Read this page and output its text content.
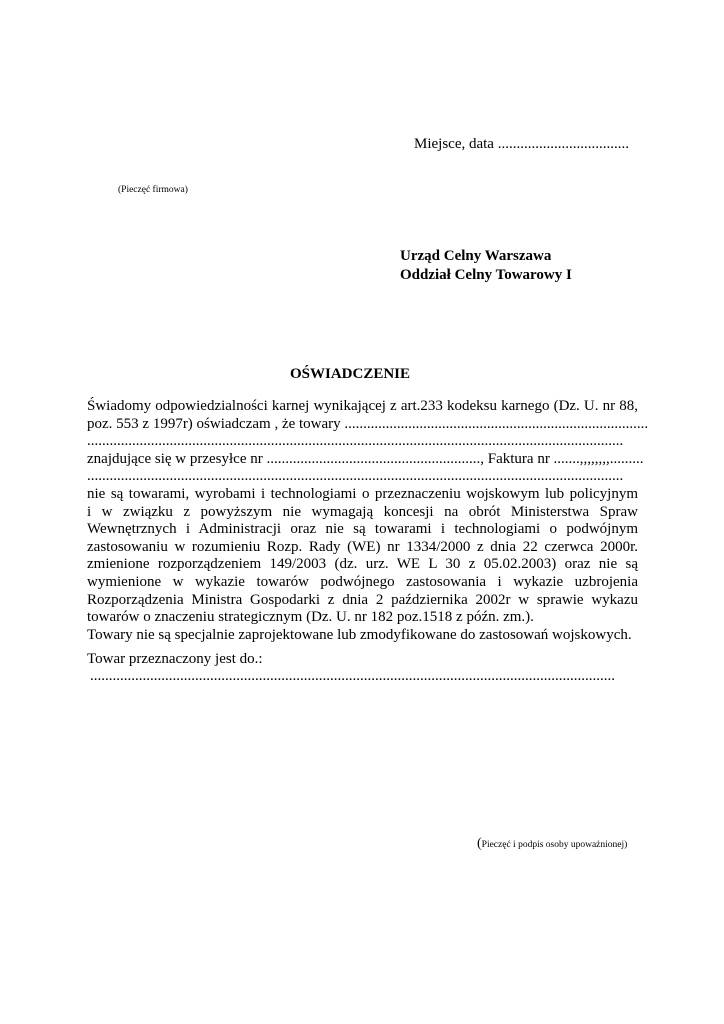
Miejsce, data ...................................
(Pieczęć firmowa)
Urząd Celny Warszawa
Oddział Celny Towarowy I
OŚWIADCZENIE
Świadomy odpowiedzialności karnej wynikającej z art.233 kodeksu karnego (Dz. U. nr 88,
poz. 553 z 1997r) oświadczam , że towary .................................................................................
...............................................................................................................................................
znajdujące się w przesyłce nr ........................................................., Faktura nr .......,,,,,,,,.........
...............................................................................................................................................
nie są towarami, wyrobami i technologiami o przeznaczeniu wojskowym lub policyjnym
i w związku z powyższym nie wymagają koncesji na obrót Ministerstwa Spraw
Wewnętrznych i Administracji oraz nie są towarami i technologiami o podwójnym
zastosowaniu w rozumieniu Rozp. Rady (WE) nr 1334/2000 z dnia 22 czerwca 2000r.
zmienione rozporządzeniem 149/2003 (dz. urz. WE L 30 z 05.02.2003) oraz nie są
wymienione w wykazie towarów podwójnego zastosowania i wykazie uzbrojenia
Rozporządzenia Ministra Gospodarki z dnia 2 października 2002r w sprawie wykazu
towarów o znaczeniu strategicznym (Dz. U. nr 182 poz.1518 z późn. zm.).
Towary nie są specjalnie zaprojektowane lub zmodyfikowane do zastosowań wojskowych.
Towar przeznaczony jest do.:
............................................................................................................................................
(Pieczęć i podpis osoby upoważnionej)
